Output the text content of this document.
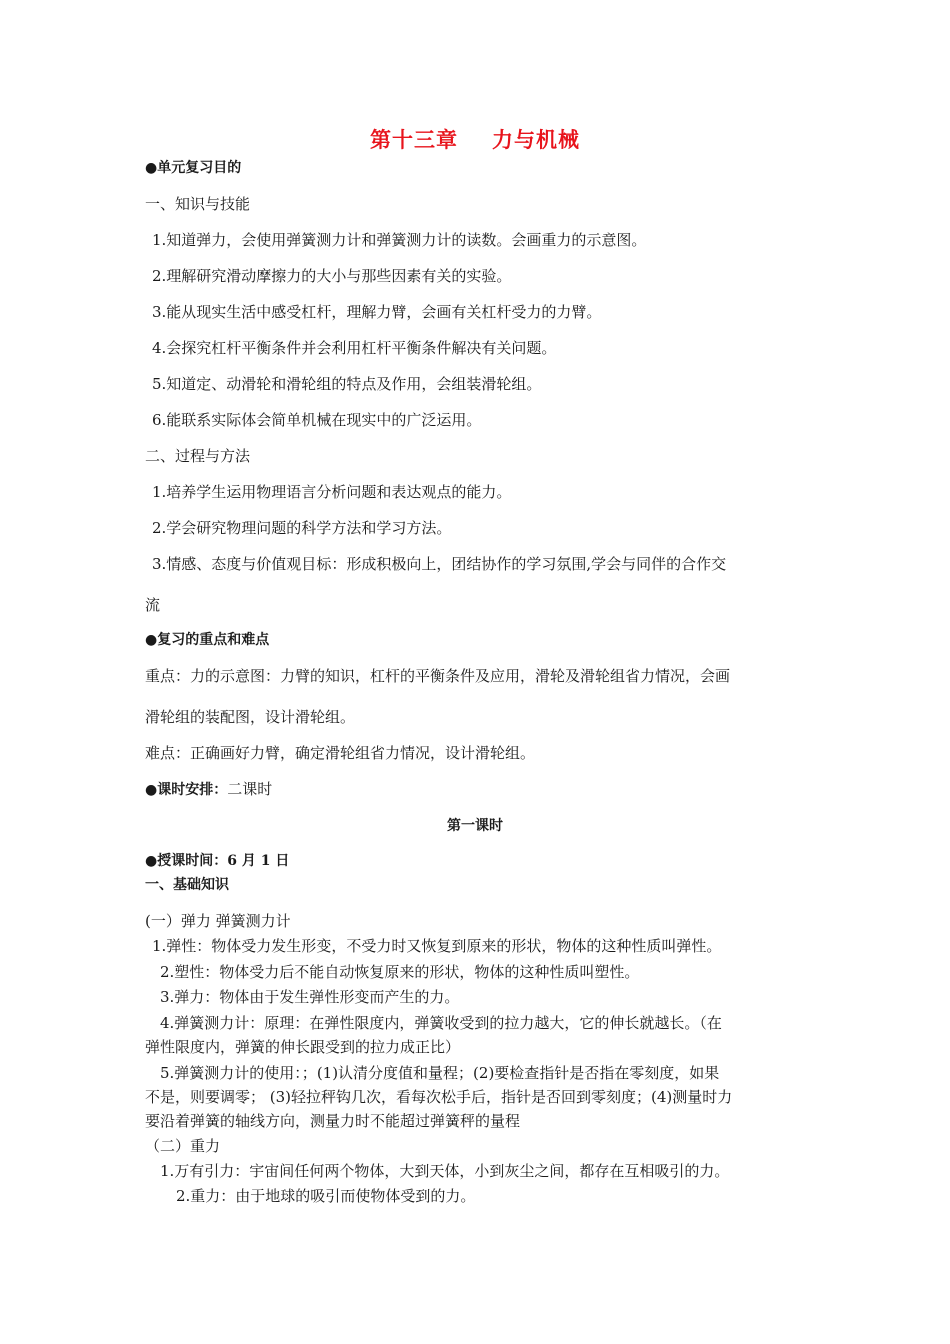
第十三章 力与机械
●单元复习目的
一、知识与技能
1.知道弹力，会使用弹簧测力计和弹簧测力计的读数。会画重力的示意图。
2.理解研究滑动摩擦力的大小与那些因素有关的实验。
3.能从现实生活中感受杠杆，理解力臂，会画有关杠杆受力的力臂。
4.会探究杠杆平衡条件并会利用杠杆平衡条件解决有关问题。
5.知道定、动滑轮和滑轮组的特点及作用，会组装滑轮组。
6.能联系实际体会简单机械在现实中的广泛运用。
二、过程与方法
1.培养学生运用物理语言分析问题和表达观点的能力。
2.学会研究物理问题的科学方法和学习方法。
3.情感、态度与价值观目标：形成积极向上，团结协作的学习氛围,学会与同伴的合作交
流
●复习的重点和难点
重点：力的示意图：力臂的知识，杠杆的平衡条件及应用，滑轮及滑轮组省力情况，会画
滑轮组的装配图，设计滑轮组。
难点：正确画好力臂，确定滑轮组省力情况，设计滑轮组。
●课时安排：二课时
第一课时
●授课时间：6 月 1 日
一、基础知识
(一）弹力 弹簧测力计
1.弹性：物体受力发生形变，不受力时又恢复到原来的形状，物体的这种性质叫弹性。
2.塑性：物体受力后不能自动恢复原来的形状，物体的这种性质叫塑性。
3.弹力：物体由于发生弹性形变而产生的力。
4.弹簧测力计：原理：在弹性限度内，弹簧收受到的拉力越大，它的伸长就越长。（在
弹性限度内，弹簧的伸长跟受到的拉力成正比）
5.弹簧测力计的使用：；(1)认清分度值和量程；(2)要检查指针是否指在零刻度，如果
不是，则要调零； (3)轻拉秤钩几次，看每次松手后，指针是否回到零刻度；(4)测量时力
要沿着弹簧的轴线方向，测量力时不能超过弹簧秤的量程
（二）重力
1.万有引力：宇宙间任何两个物体，大到天体，小到灰尘之间，都存在互相吸引的力。
2.重力：由于地球的吸引而使物体受到的力。
